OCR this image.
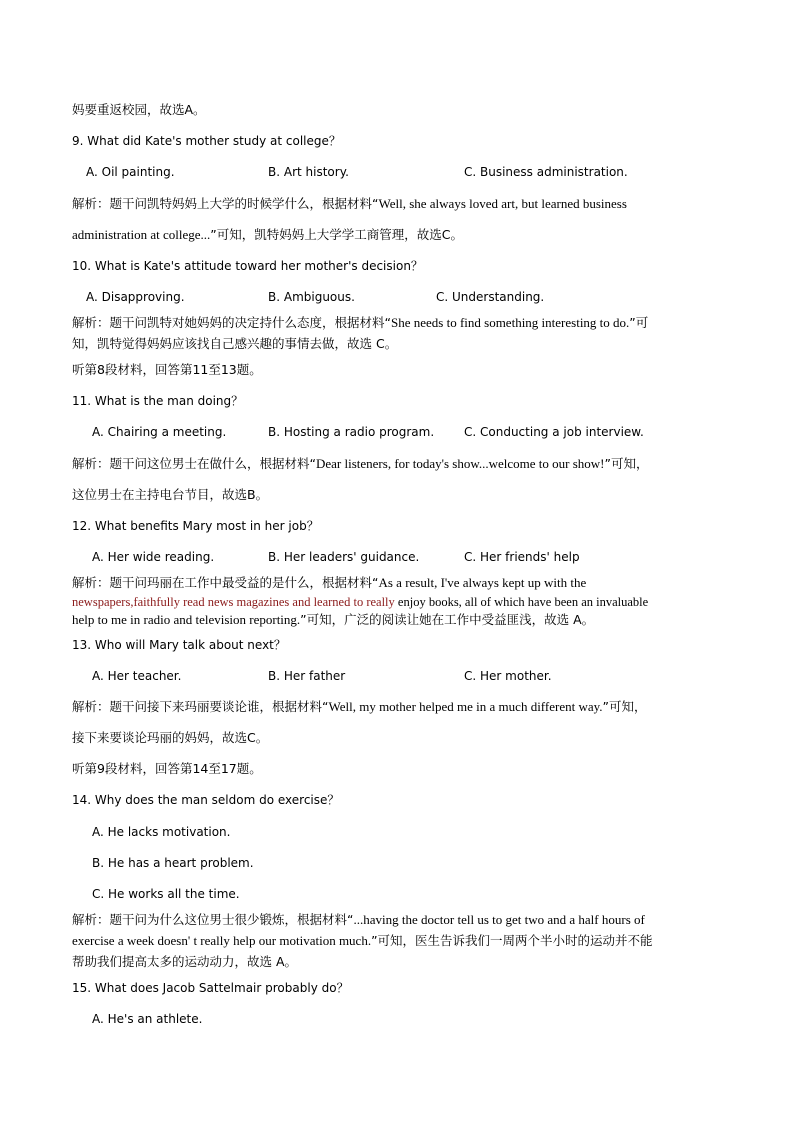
妈要重返校园，故选A。
9. What did Kate's mother study at college？
A. Oil painting.	B. Art history.	C. Business administration.
解析：题干问凯特妈妈上大学的时候学什么，根据材料“Well, she always loved art, but learned business
administration at college...”可知，凯特妈妈上大学学工商管理，故选C。
10. What is Kate's attitude toward her mother's decision？
A. Disapproving.	B. Ambiguous.	C. Understanding.
解析：题干问凯特对她妈妈的决定持什么态度，根据材料“She needs to find something interesting to do.”可
知，凯特觉得妈妈应该找自己感兴趣的事情去做，故选 C。
听第8段材料，回答第11至13题。
11. What is the man doing？
A. Chairing a meeting.	B. Hosting a radio program. C. Conducting a job interview.
解析：题干问这位男士在做什么，根据材料“Dear listeners, for today's show...welcome to our show!”可知，
这位男士在主持电台节目，故选B。
12. What benefits Mary most in her job？
A. Her wide reading.	B. Her leaders' guidance.	C. Her friends' help
解析：题干问玛丽在工作中最受益的是什么，根据材料“As a result, I've always kept up with the
newspapers,faithfully read news magazines and learned to really enjoy books, all of which have been an invaluable
help to me in radio and television reporting.”可知，广泛的阅读让她在工作中受益匪浅，故选 A。
13. Who will Mary talk about next？
A. Her teacher.	B. Her father	C. Her mother.
解析：题干问接下来玛丽要谈论谁，根据材料“Well, my mother helped me in a much different way.”可知，
接下来要谈论玛丽的妈妈，故选C。
听第9段材料，回答第14至17题。
14. Why does the man seldom do exercise？
A. He lacks motivation.
B. He has a heart problem.
C. He works all the time.
解析：题干问为什么这位男士很少锻炼，根据材料“...having the doctor tell us to get two and a half hours of
exercise a week doesn' t really help our motivation much.”可知，医生告诉我们一周两个半小时的运动并不能
帮助我们提高太多的运动动力，故选 A。
15. What does Jacob Sattelmair probably do？
A. He's an athlete.
